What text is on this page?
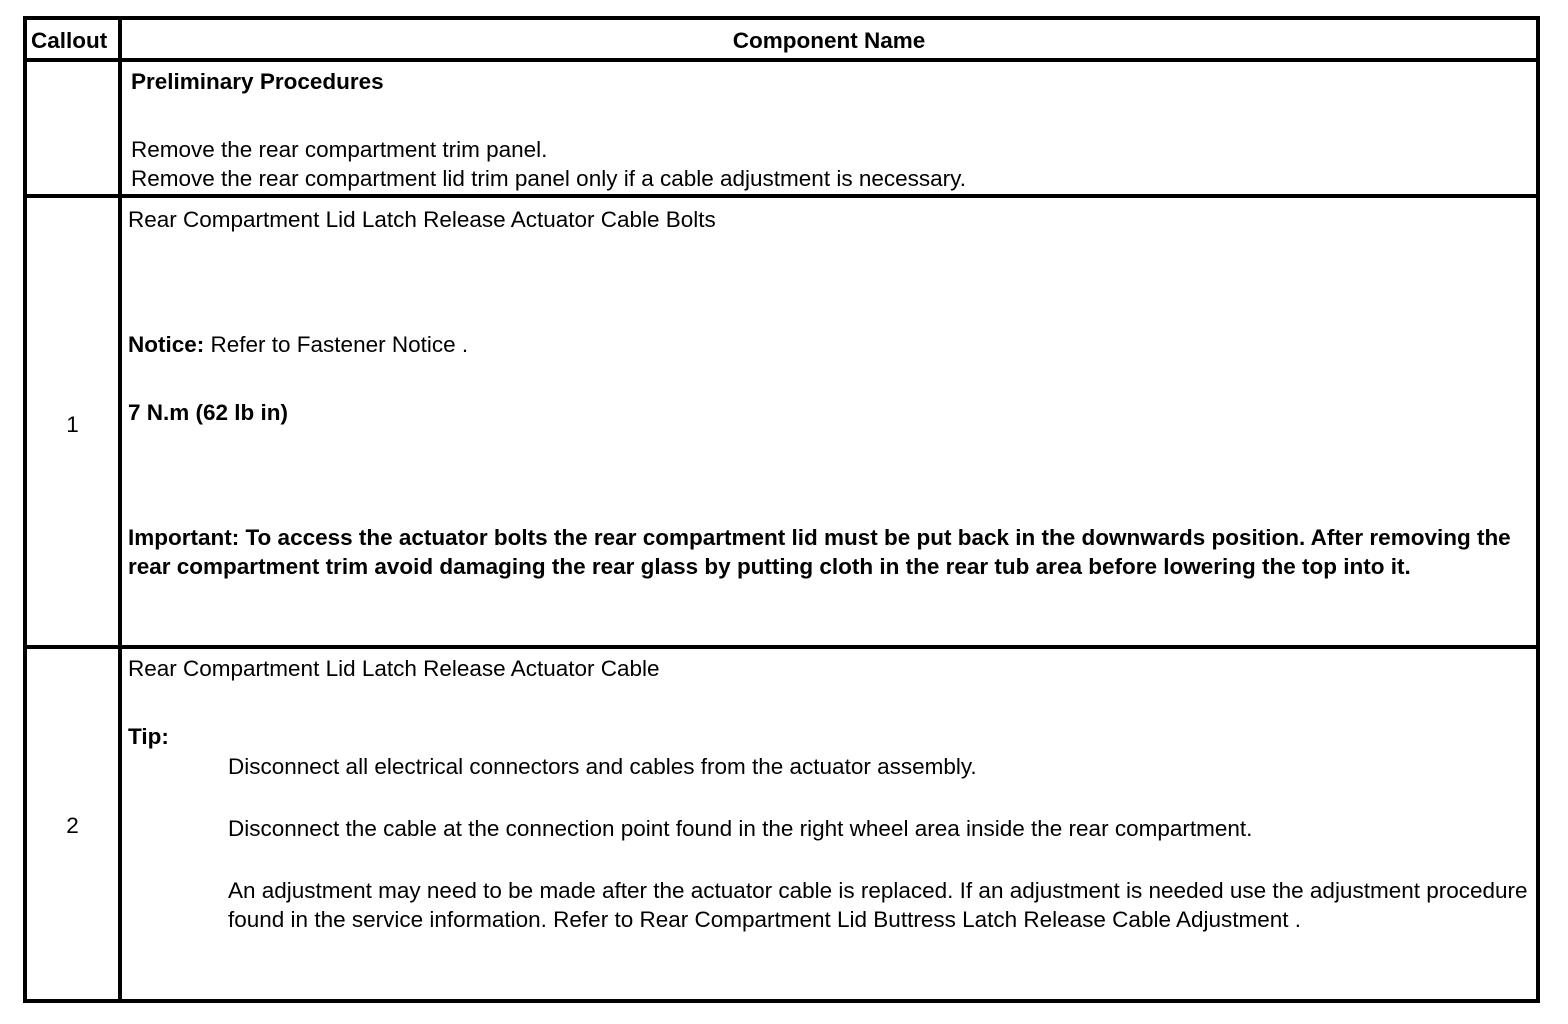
Callout	Component Name
Preliminary Procedures
Remove the rear compartment trim panel.
Remove the rear compartment lid trim panel only if a cable adjustment is necessary.
1
Rear Compartment Lid Latch Release Actuator Cable Bolts
Notice: Refer to Fastener Notice .
7 N.m (62 lb in)
Important: To access the actuator bolts the rear compartment lid must be put back in the downwards position. After removing the rear compartment trim avoid damaging the rear glass by putting cloth in the rear tub area before lowering the top into it.
2
Rear Compartment Lid Latch Release Actuator Cable
Tip:
Disconnect all electrical connectors and cables from the actuator assembly.
Disconnect the cable at the connection point found in the right wheel area inside the rear compartment.
An adjustment may need to be made after the actuator cable is replaced. If an adjustment is needed use the adjustment procedure found in the service information. Refer to Rear Compartment Lid Buttress Latch Release Cable Adjustment .
